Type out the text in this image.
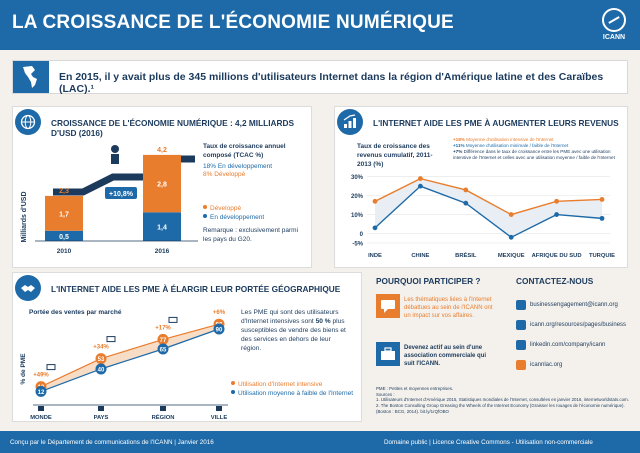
LA CROISSANCE DE L'ÉCONOMIE NUMÉRIQUE
ICANN
En 2015, il y avait plus de 345 millions d'utilisateurs Internet dans la région d'Amérique latine et des Caraïbes (LAC).¹
CROISSANCE DE L'ÉCONOMIE NUMÉRIQUE : 4,2 MILLIARDS D'USD (2016)
Milliards d'USD	0,5
1,7
2,3
2010
1,4
2,8
4,2
2016
+10,8%
Taux de croissance annuel composé (TCAC %)
18% En développement
8% Développé
Développé
En développement
Remarque : exclusivement parmi les pays du G20.
L'INTERNET AIDE LES PME À AUGMENTER LEURS REVENUS
Taux de croissance des revenus cumulatif, 2011-2013 (%)
+18% Moyenne d'utilisation intensive de l'Internet
+11% Moyenne d'utilisation minimale / faible de l'Internet
+7% Différence dans le taux de croissance entre les PME avec une utilisation intensive de l'Internet et celles avec une utilisation moyenne / faible de l'Internet
30%
20%
10%
0
-5%
INDE	CHINE	BRÉSIL	MEXIQUE AFRIQUE DU SUD TURQUIE
L'INTERNET AIDE LES PME À ÉLARGIR LEUR PORTÉE GÉOGRAPHIQUE
Portée des ventes par marché
% de PME	53
77
12
40
65
90
MONDE
+49%
PAYS
+34%
RÉGION
+17%
VILLE
+6% Les PME qui sont des utilisateurs d'Internet intensives sont 50 % plus susceptibles de vendre des biens et des services en dehors de leur région.
Utilisation d'Internet intensive
Utilisation moyenne à faible de l'Internet
POURQUOI PARTICIPER ?
Les thématiques liées à l'Internet débattues au sein de l'ICANN ont un impact sur vos affaires.
Devenez actif au sein d'une association commerciale qui suit l'ICANN.
CONTACTEZ-NOUS
businessengagement@icann.org
icann.org/resources/pages/business
linkedin.com/company/icann
icannlac.org
PME : Petites et moyennes entreprises.
Sources :
1. Utilisateurs d'Internet d'Amérique 2015, Statistiques mondiales de l'Internet, consultées en janvier 2016, internetworldstats.com.
2. The Boston Consulting Group Greasing the Wheels of the Internet Economy (Graisser les rouages de l'économie numérique). (Boston : BCG, 2014). bit.ly/1rQfOBO
Conçu par le Département de communications de l'ICANN | Janvier 2016	Domaine public | Licence Creative Commons - Utilisation non-commerciale
